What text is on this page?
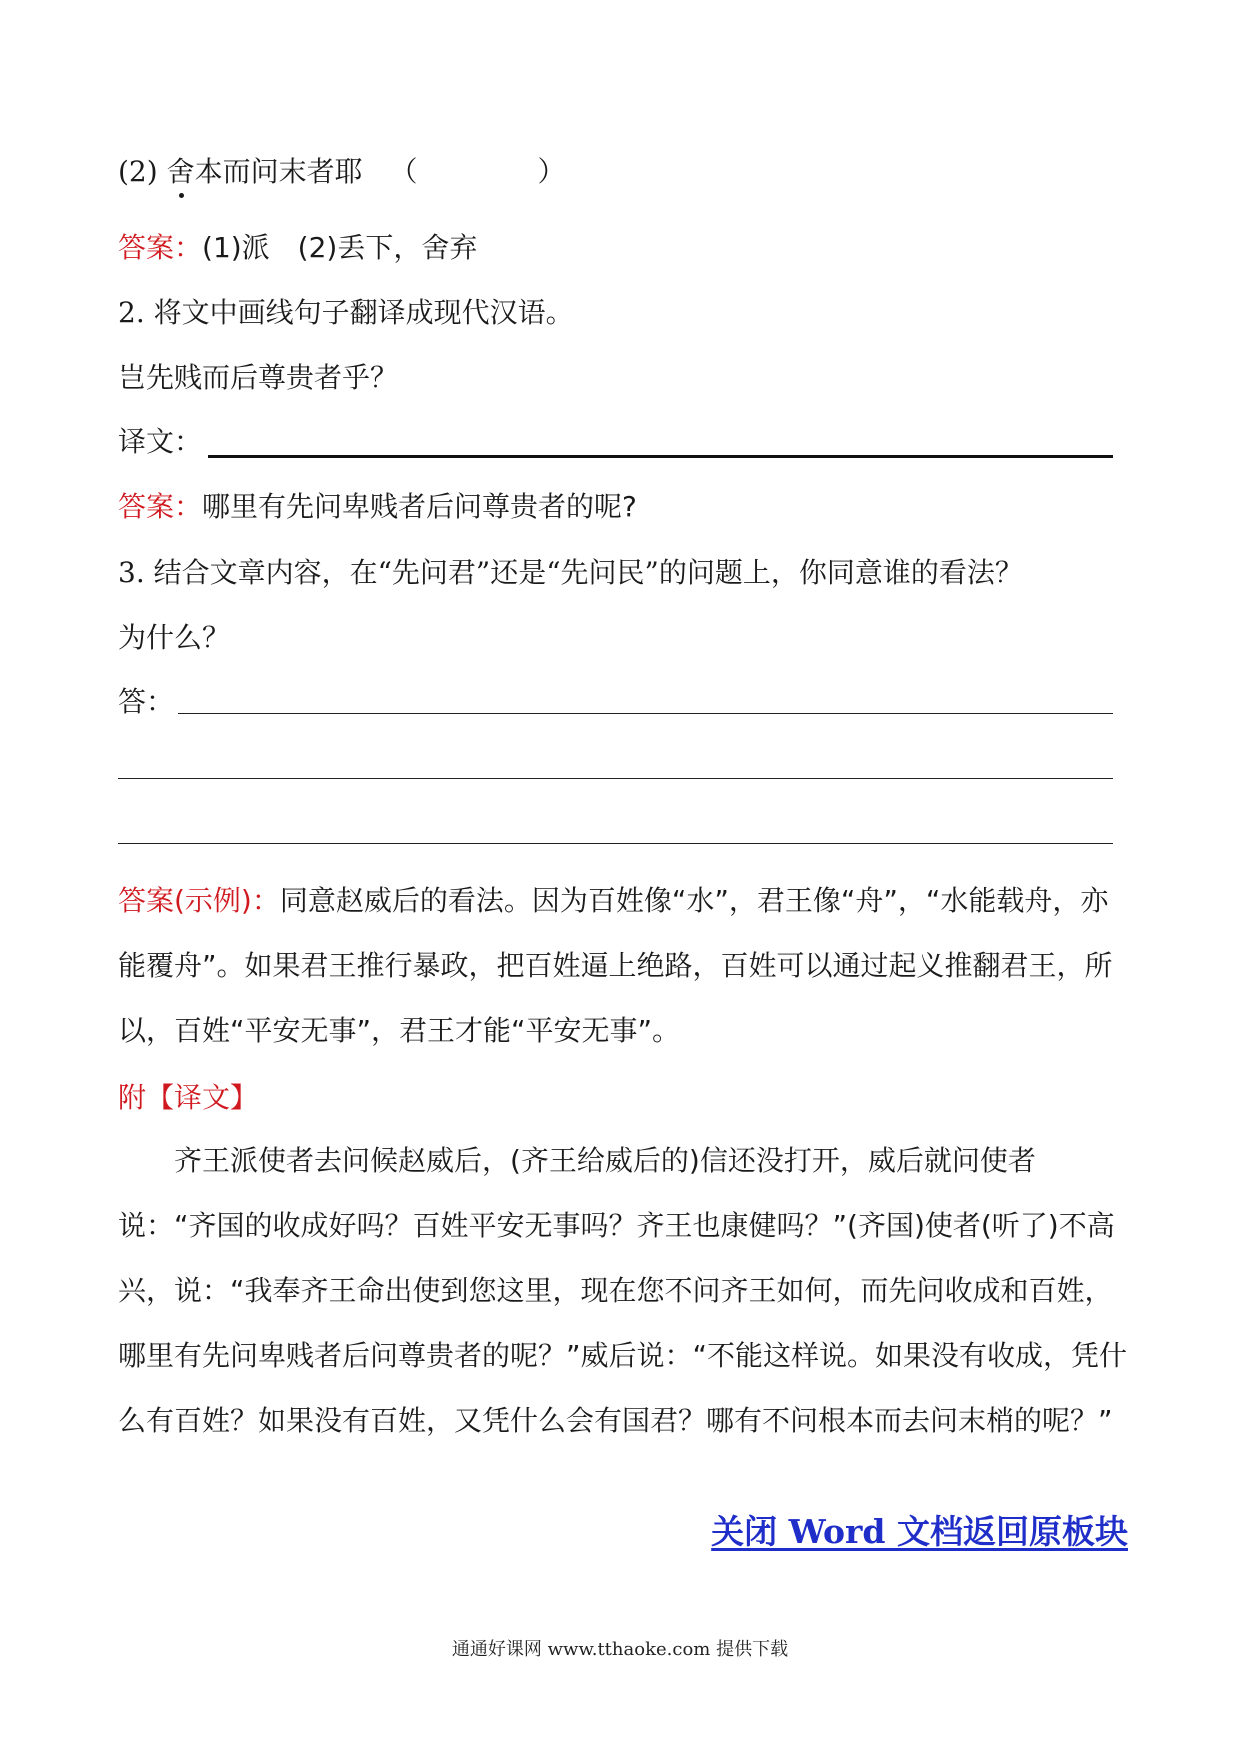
(2) 舍本而问末者耶 （	）
答案：(1)派　(2)丢下，舍弃
2. 将文中画线句子翻译成现代汉语。
岂先贱而后尊贵者乎？
译文：
答案：哪里有先问卑贱者后问尊贵者的呢?
3. 结合文章内容，在“先问君”还是“先问民”的问题上，你同意谁的看法？
为什么？
答：
答案(示例)：同意赵威后的看法。因为百姓像“水”，君王像“舟”，“水能载舟，亦能覆舟”。如果君王推行暴政，把百姓逼上绝路，百姓可以通过起义推翻君王，所以，百姓“平安无事”，君王才能“平安无事”。
附【译文】
齐王派使者去问候赵威后，(齐王给威后的)信还没打开，威后就问使者说：“齐国的收成好吗？百姓平安无事吗？齐王也康健吗？”(齐国)使者(听了)不高兴，说：“我奉齐王命出使到您这里，现在您不问齐王如何，而先问收成和百姓，哪里有先问卑贱者后问尊贵者的呢？”威后说：“不能这样说。如果没有收成，凭什么有百姓？如果没有百姓，又凭什么会有国君？哪有不问根本而去问末梢的呢？”
关闭 Word 文档返回原板块
通通好课网 www.tthaoke.com 提供下载
